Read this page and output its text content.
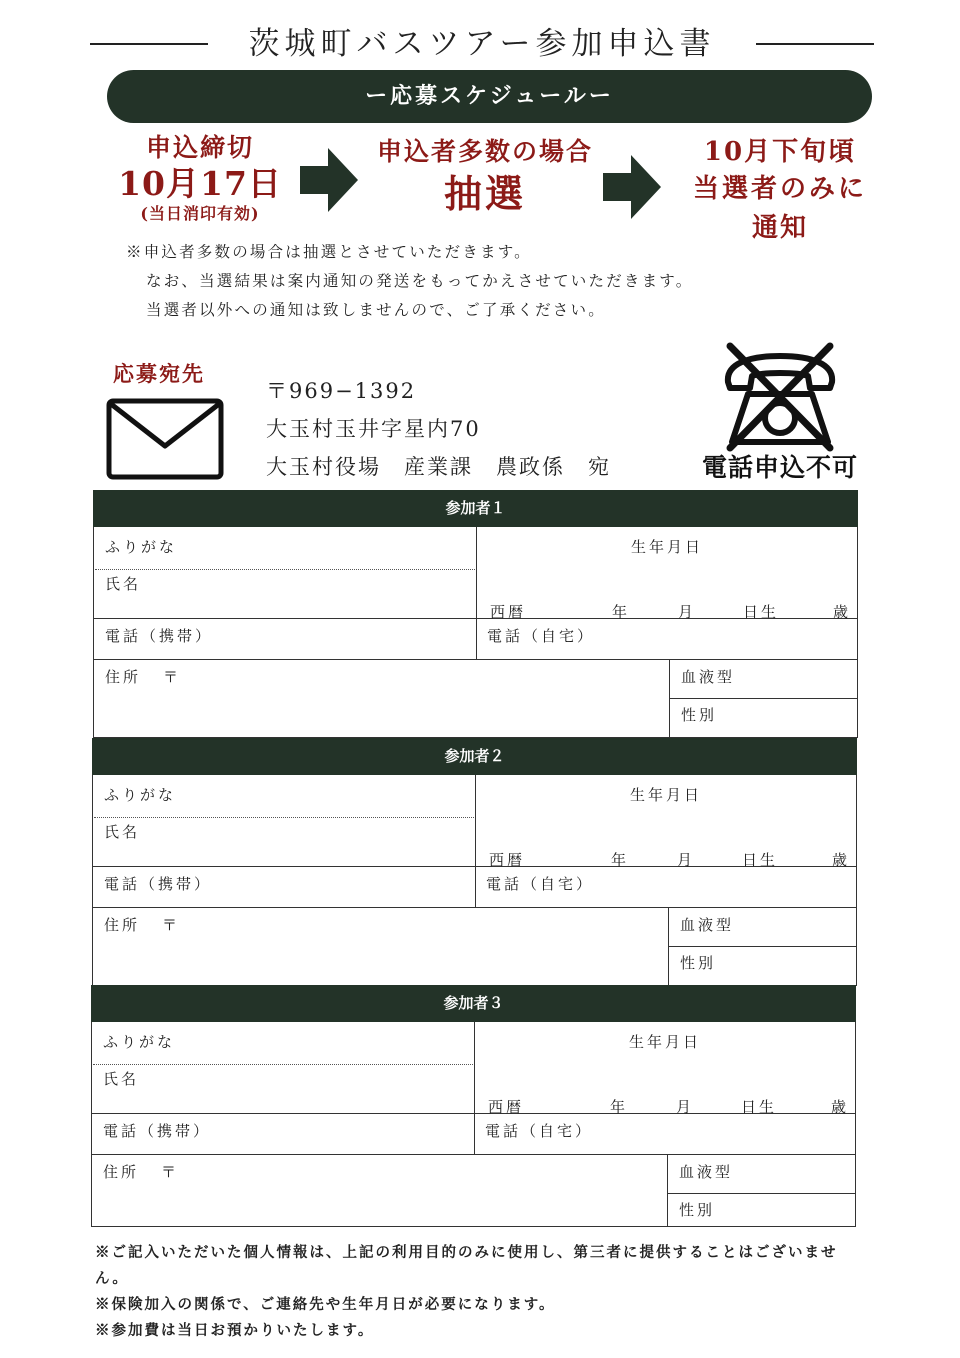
茨城町バスツアー参加申込書
ー応募スケジュールー
申込締切
10月17日
(当日消印有効)
申込者多数の場合
抽選
10月下旬頃
当選者のみに
通知
※申込者多数の場合は抽選とさせていただきます。
なお、当選結果は案内通知の発送をもってかえさせていただきます。
当選者以外への通知は致しませんので、ご了承ください。
応募宛先
〒969−1392
大玉村玉井字星内70
大玉村役場　産業課　農政係　宛	電話申込不可
参加者１
ふりがな
氏名
生年月日
西暦	年	月	日生	歳
電話（携帯）	電話（自宅）
住所 〒	血液型
性別
参加者２
ふりがな
氏名
生年月日
西暦	年	月	日生	歳
電話（携帯）	電話（自宅）
住所 〒	血液型
性別
参加者３
ふりがな
氏名
生年月日
西暦	年	月	日生	歳
電話（携帯）	電話（自宅）
住所 〒	血液型
性別
※ご記入いただいた個人情報は、上記の利用目的のみに使用し、第三者に提供することはございません。
※保険加入の関係で、ご連絡先や生年月日が必要になります。
※参加費は当日お預かりいたします。
